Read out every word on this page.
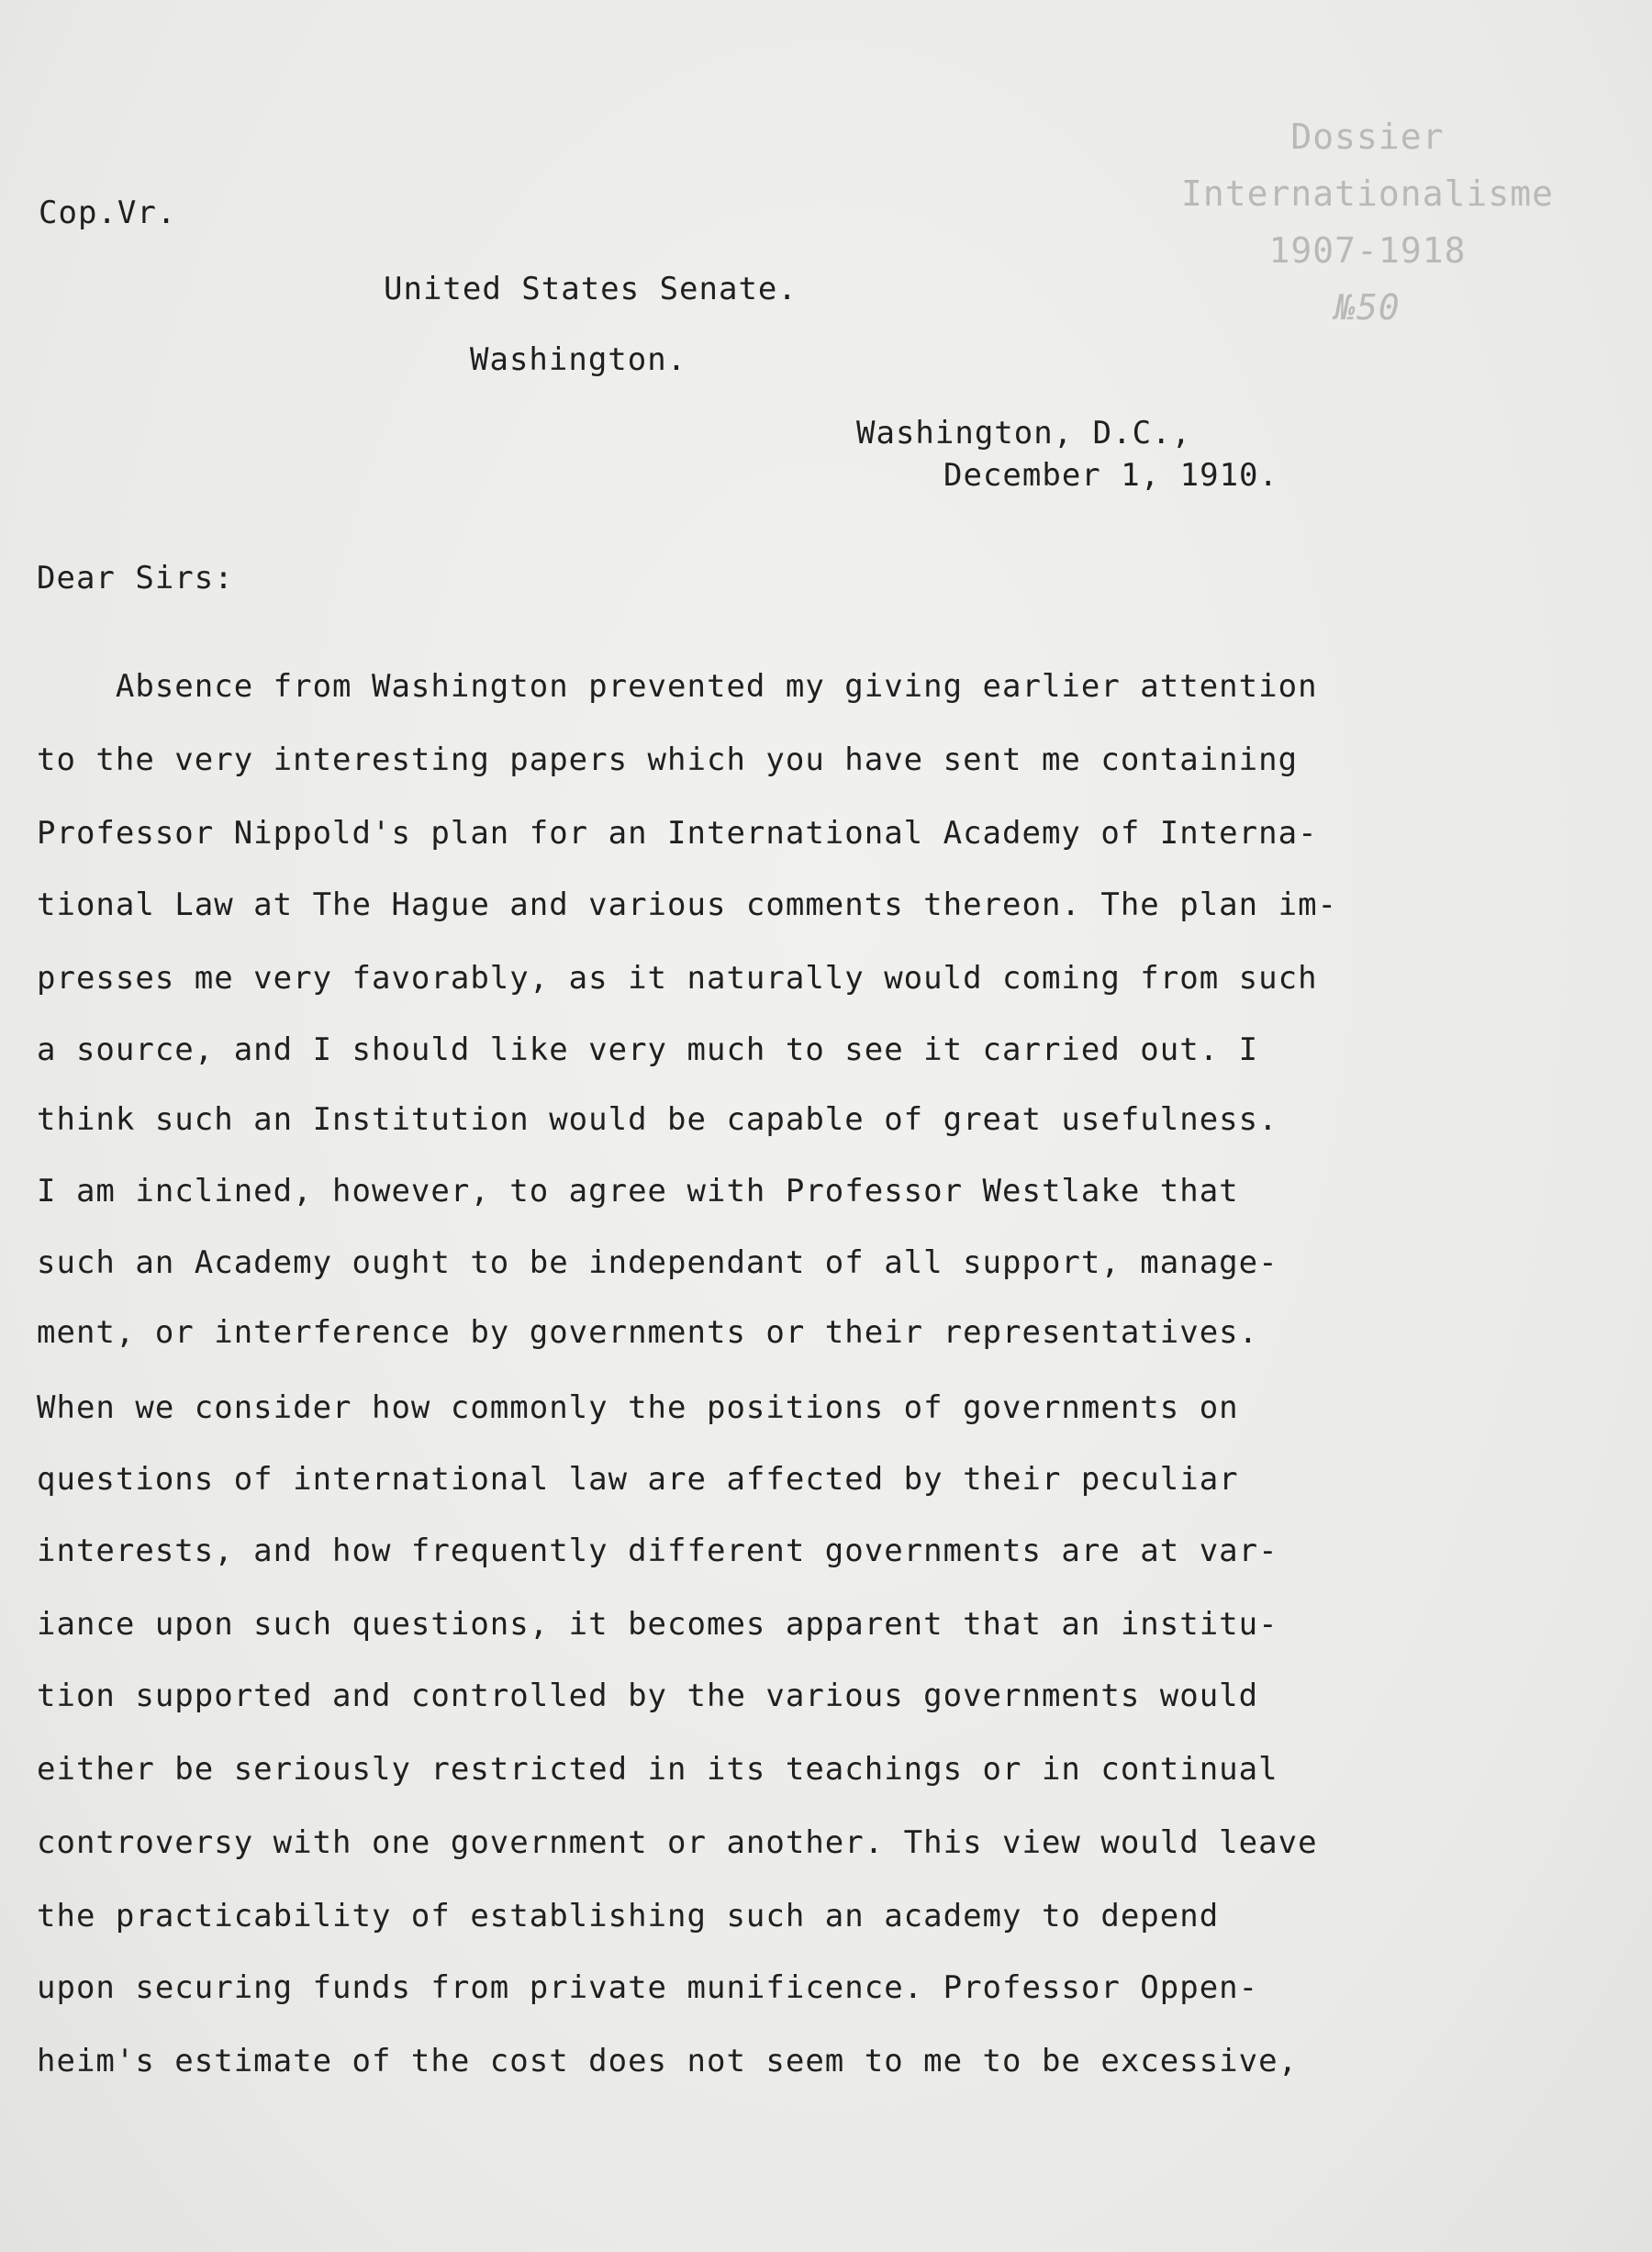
Dossier
Internationalisme
1907-1918
№50
Cop.Vr.
United States Senate.
Washington.
Washington, D.C.,
December 1, 1910.
Dear Sirs:
Absence from Washington prevented my giving earlier attention
to the very interesting papers which you have sent me containing
Professor Nippold's plan for an International Academy of Interna-
tional Law at The Hague and various comments thereon. The plan im-
presses me very favorably, as it naturally would coming from such
a source, and I should like very much to see it carried out. I
think such an Institution would be capable of great usefulness.
I am inclined, however, to agree with Professor Westlake that
such an Academy ought to be independant of all support, manage-
ment, or interference by governments or their representatives.
When we consider how commonly the positions of governments on
questions of international law are affected by their peculiar
interests, and how frequently different governments are at var-
iance upon such questions, it becomes apparent that an institu-
tion supported and controlled by the various governments would
either be seriously restricted in its teachings or in continual
controversy with one government or another. This view would leave
the practicability of establishing such an academy to depend
upon securing funds from private munificence. Professor Oppen-
heim's estimate of the cost does not seem to me to be excessive,
